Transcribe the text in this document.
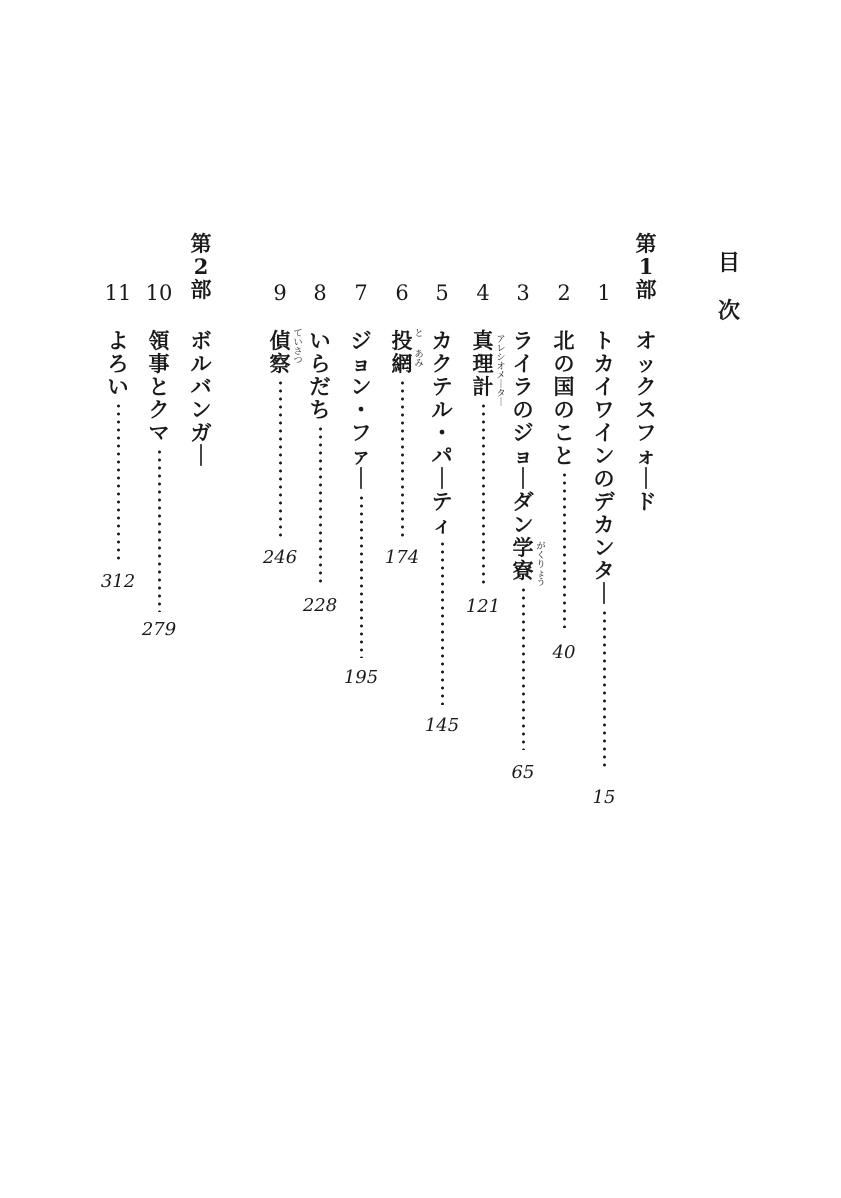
目
次
第
1
部
オ
ッ
ク
ス
フ
ォ
｜
ド
第
2
部
ボ
ル
バ
ン
ガ
｜
1
ト
カ
イ
ワ
イ
ン
の
デ
カ
ン
タ
｜
15
2
北
の
国
の
こ
と
40
3
ラ
イ
ラ
の
ジ
ョ
｜
ダ
ン
学
寮
65
が
く
り
ょ
う
4
真
理
計
121
ア
レ
シ
オ
メ
｜
タ
｜
5
カ
ク
テ
ル
・
パ
｜
テ
ィ
145
6
投
網
174
と

あ
み
7
ジ
ョ
ン
・
フ
ァ
｜
195
8
い
ら
だ
ち
228
9
偵
察
246
て
い
さ
つ
10
領
事
と
ク
マ
279
11
よ
ろ
い
312
